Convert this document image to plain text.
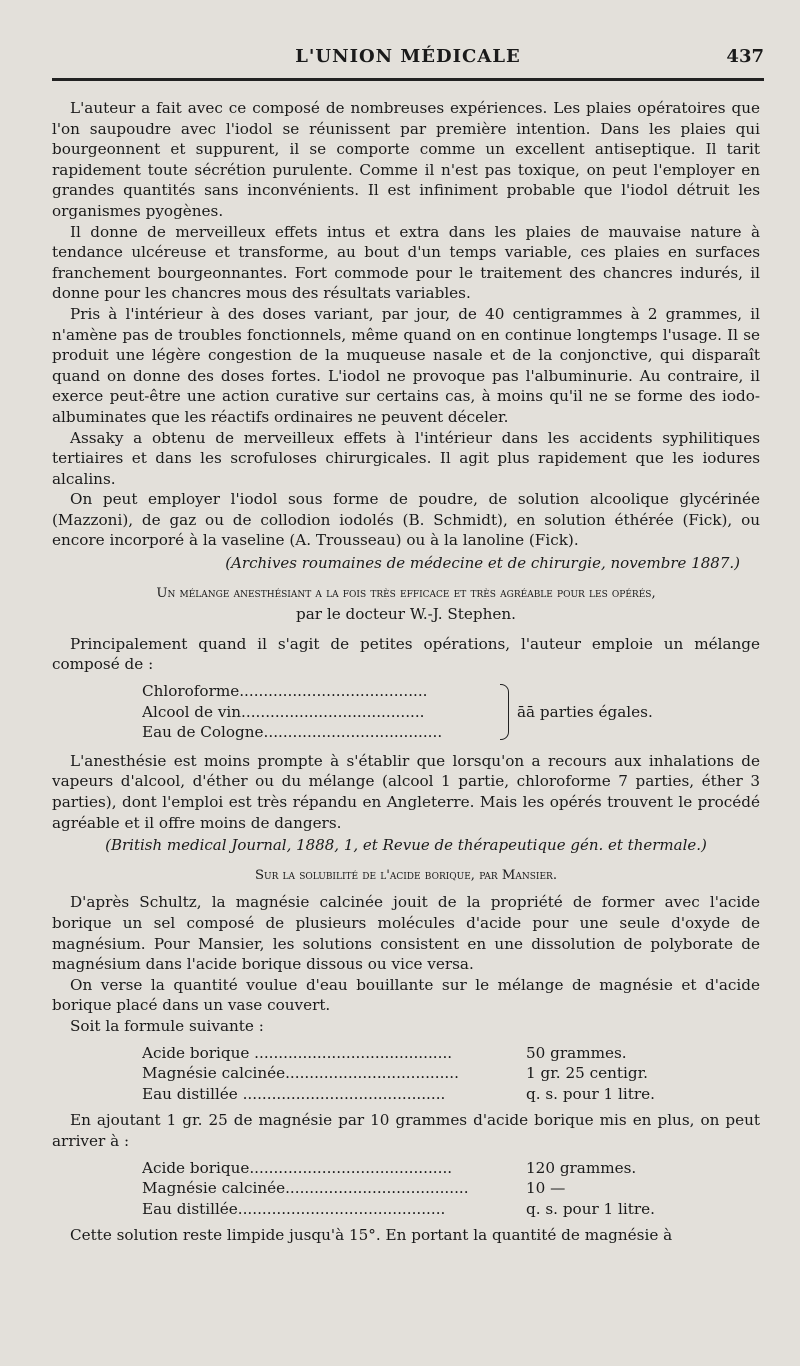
L'UNION MÉDICALE	437

L'auteur a fait avec ce composé de nombreuses expériences. Les plaies opératoires que l'on saupoudre avec l'iodol se réunissent par première intention. Dans les plaies qui bourgeonnent et suppurent, il se comporte comme un excellent antiseptique. Il tarit rapidement toute sécrétion purulente. Comme il n'est pas toxique, on peut l'employer en grandes quantités sans inconvénients. Il est infiniment probable que l'iodol détruit les organismes pyogènes.

Il donne de merveilleux effets intus et extra dans les plaies de mauvaise nature à tendance ulcéreuse et transforme, au bout d'un temps variable, ces plaies en surfaces franchement bourgeonnantes. Fort commode pour le traitement des chancres indurés, il donne pour les chancres mous des résultats variables.

Pris à l'intérieur à des doses variant, par jour, de 40 centigrammes à 2 grammes, il n'amène pas de troubles fonctionnels, même quand on en continue longtemps l'usage. Il se produit une légère congestion de la muqueuse nasale et de la conjonctive, qui disparaît quand on donne des doses fortes. L'iodol ne provoque pas l'albuminurie. Au contraire, il exerce peut-être une action curative sur certains cas, à moins qu'il ne se forme des iodo-albuminates que les réactifs ordinaires ne peuvent déceler.

Assaky a obtenu de merveilleux effets à l'intérieur dans les accidents syphilitiques tertiaires et dans les scrofuloses chirurgicales. Il agit plus rapidement que les iodures alcalins.

On peut employer l'iodol sous forme de poudre, de solution alcoolique glycérinée (Mazzoni), de gaz ou de collodion iodolés (B. Schmidt), en solution éthérée (Fick), ou encore incorporé à la vaseline (A. Trousseau) ou à la lanoline (Fick).

(Archives roumaines de médecine et de chirurgie, novembre 1887.)
Un mélange anesthésiant a la fois très efficace et très agréable pour les opérés,
par le docteur W.-J. Stephen.

Principalement quand il s'agit de petites opérations, l'auteur emploie un mélange composé de :

Chloroforme.......................................
Alcool de vin......................................
Eau de Cologne.....................................
āā parties égales.

L'anesthésie est moins prompte à s'établir que lorsqu'on a recours aux inhalations de vapeurs d'alcool, d'éther ou du mélange (alcool 1 partie, chloroforme 7 parties, éther 3 parties), dont l'emploi est très répandu en Angleterre. Mais les opérés trouvent le procédé agréable et il offre moins de dangers.

(British medical Journal, 1888, 1, et Revue de thérapeutique gén. et thermale.)
Sur la solubilité de l'acide borique, par Mansier.

D'après Schultz, la magnésie calcinée jouit de la propriété de former avec l'acide borique un sel composé de plusieurs molécules d'acide pour une seule d'oxyde de magnésium. Pour Mansier, les solutions consistent en une dissolution de polyborate de magnésium dans l'acide borique dissous ou vice versa.

On verse la quantité voulue d'eau bouillante sur le mélange de magnésie et d'acide borique placé dans un vase couvert.

Soit la formule suivante :

Acide borique .........................................	50 grammes.
Magnésie calcinée....................................	1 gr. 25 centigr.
Eau distillée ..........................................	q. s. pour 1 litre.

En ajoutant 1 gr. 25 de magnésie par 10 grammes d'acide borique mis en plus, on peut arriver à :

Acide borique..........................................	120 grammes.
Magnésie calcinée......................................	10 —
Eau distillée...........................................	q. s. pour 1 litre.

Cette solution reste limpide jusqu'à 15°. En portant la quantité de magnésie à
